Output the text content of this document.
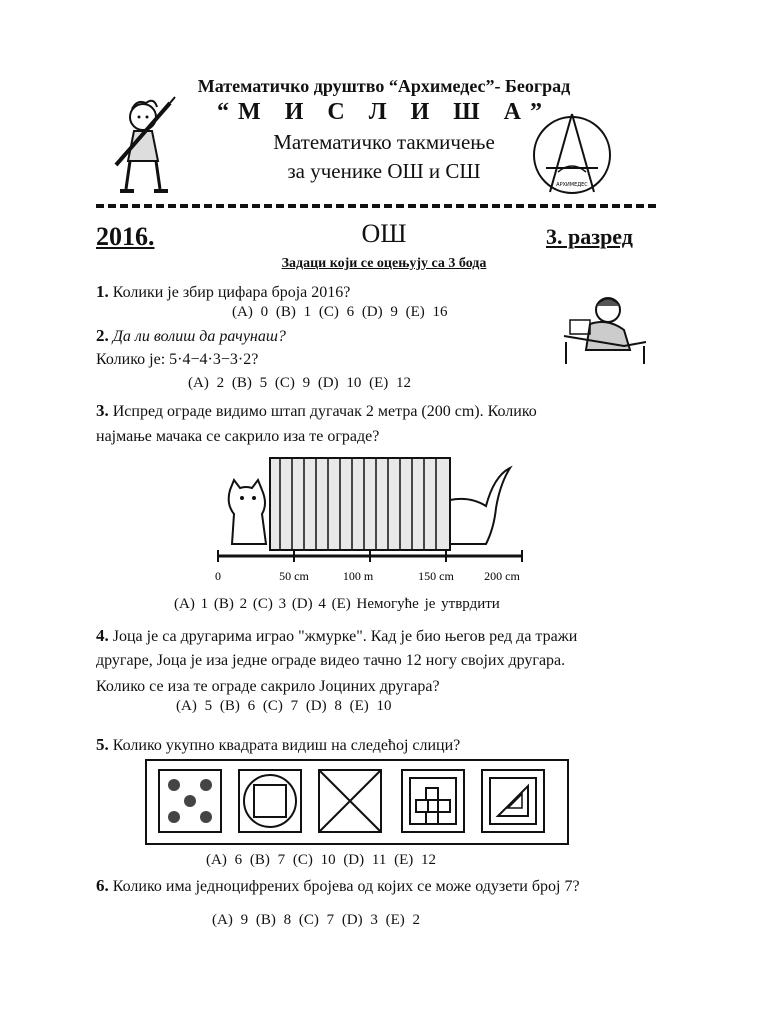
Математичко друштво “Архимедес”- Београд
“М И С Л И Ш А”
Математичко такмичење
за ученике ОШ и СШ
АРХИМЕДЕС
2016.	ОШ	3. разред
Задаци који се оцењују са 3 бода
1. Колики је збир цифара броја 2016?
(A) 0 (B) 1 (C) 6 (D) 9 (E) 16
2. Да ли волиш да рачунаш?
Колико је: 5·4−4·3−3·2?
(A) 2 (B) 5 (C) 9 (D) 10 (E) 12
3. Испред ограде видимо штап дугачак 2 метра (200 cm). Колико
најмање мачака се сакрило иза те ограде?
0	50 cm	100 m	150 cm	200 cm
(A) 1 (B) 2 (C) 3 (D) 4 (E) Немогуће је утврдити
4. Јоца је са другарима играо "жмурке". Кад је био његов ред да тражи
другаре, Јоца је иза једне ограде видео тачно 12 ногу својих другара.
Колико се иза те ограде сакрило Јоциних другара?
(A) 5 (B) 6 (C) 7 (D) 8 (E) 10
5. Колико укупно квадрата видиш на следећој слици?
(A) 6 (B) 7 (C) 10 (D) 11 (E) 12
6. Колико има једноцифрених бројева од којих се може одузети број 7?
(A) 9 (B) 8 (C) 7 (D) 3 (E) 2
